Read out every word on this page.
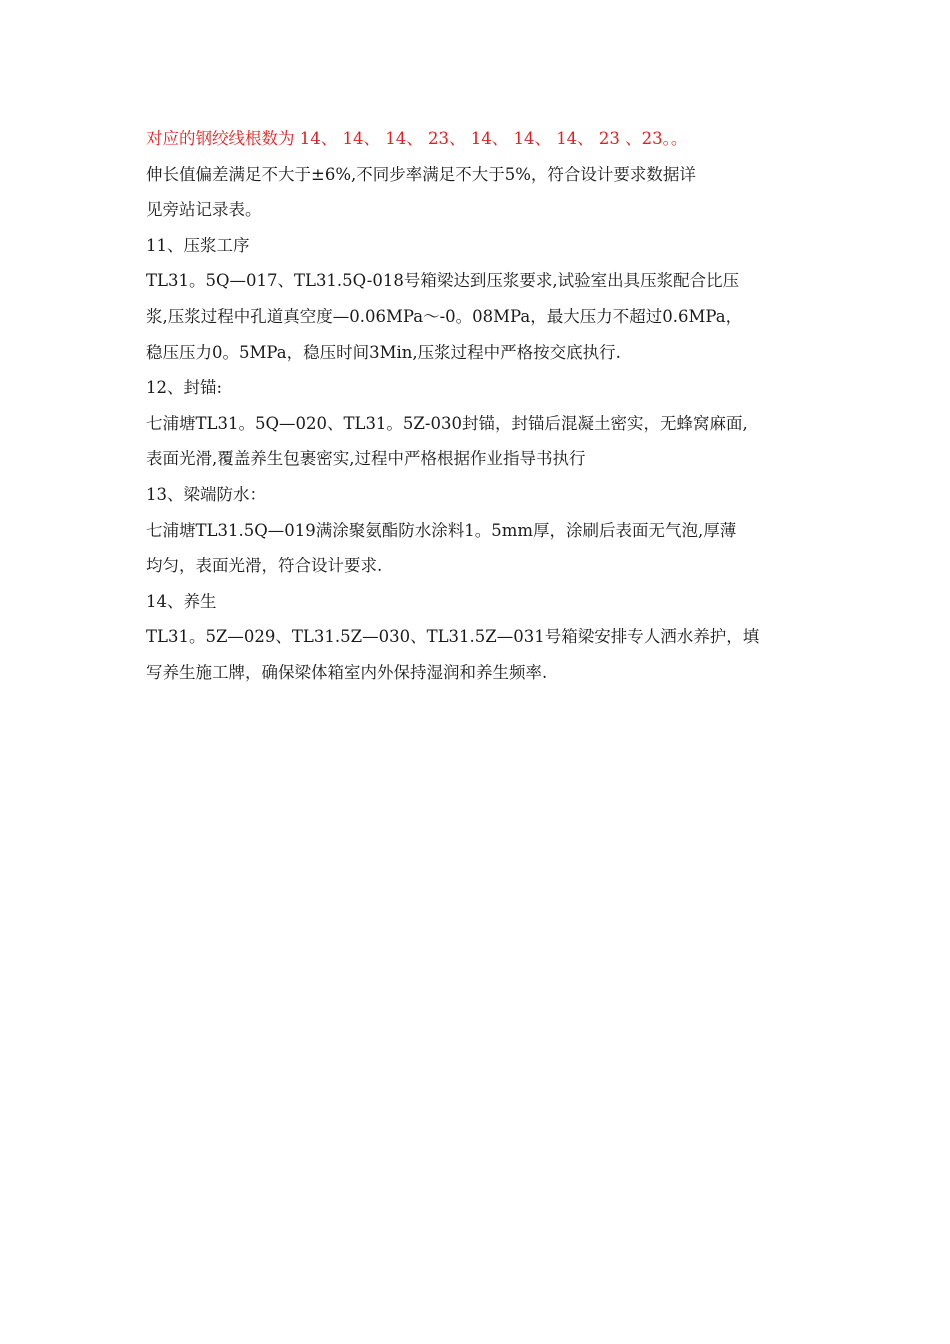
对应的钢绞线根数为 14、 14、 14、 23、 14、 14、 14、 23 、23。。
伸长值偏差满足不大于±6%,不同步率满足不大于5%，符合设计要求数据详
见旁站记录表。
11、压浆工序
TL31。5Q—017、TL31.5Q-018号箱梁达到压浆要求,试验室出具压浆配合比压
浆,压浆过程中孔道真空度—0.06MPa～-0。08MPa，最大压力不超过0.6MPa，
稳压压力0。5MPa，稳压时间3Min,压浆过程中严格按交底执行.
12、封锚:
七浦塘TL31。5Q—020、TL31。5Z-030封锚，封锚后混凝土密实，无蜂窝麻面,
表面光滑,覆盖养生包裹密实,过程中严格根据作业指导书执行
13、梁端防水：
七浦塘TL31.5Q—019满涂聚氨酯防水涂料1。5mm厚，涂刷后表面无气泡,厚薄
均匀，表面光滑，符合设计要求.
14、养生
TL31。5Z—029、TL31.5Z—030、TL31.5Z—031号箱梁安排专人洒水养护，填
写养生施工牌，确保梁体箱室内外保持湿润和养生频率.
